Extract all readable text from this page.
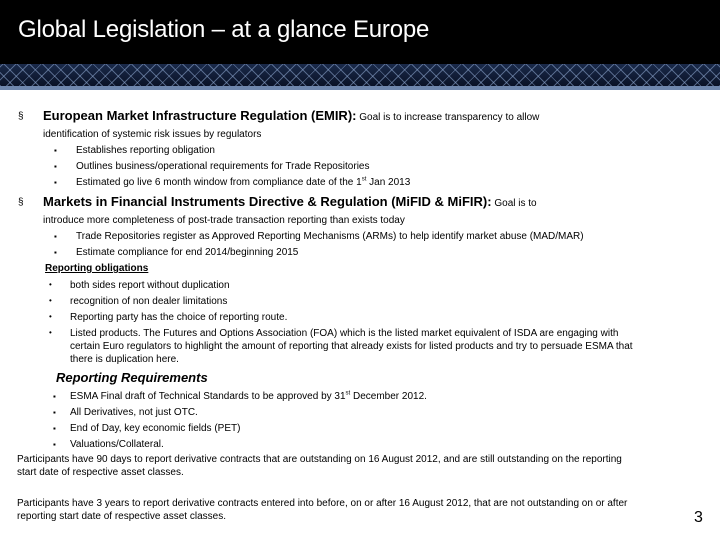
Global Legislation – at a glance Europe
§ European Market Infrastructure Regulation (EMIR): Goal is to increase transparency to allow
identification of systemic risk issues by regulators
▪ Establishes reporting obligation
▪ Outlines business/operational requirements for Trade Repositories
▪ Estimated go live 6 month window from compliance date of the 1st Jan 2013
§ Markets in Financial Instruments Directive & Regulation (MiFID & MiFIR): Goal is to
introduce more completeness of post-trade transaction reporting than exists today
▪ Trade Repositories register as Approved Reporting Mechanisms (ARMs) to help identify market abuse (MAD/MAR)
▪ Estimate compliance for end 2014/beginning 2015
Reporting obligations
• both sides report without duplication
• recognition of non dealer limitations
• Reporting party has the choice of reporting route.
• Listed products. The Futures and Options Association (FOA) which is the listed market equivalent of ISDA are engaging with
certain Euro regulators to highlight the amount of reporting that already exists for listed products and try to persuade ESMA that
there is duplication here.
Reporting Requirements
▪ ESMA Final draft of Technical Standards to be approved by 31st December 2012.
▪ All Derivatives, not just OTC.
▪ End of Day, key economic fields (PET)
▪ Valuations/Collateral.
Participants have 90 days to report derivative contracts that are outstanding on 16 August 2012, and are still outstanding on the reporting
start date of respective asset classes.
Participants have 3 years to report derivative contracts entered into before, on or after 16 August 2012, that are not outstanding on or after
reporting start date of respective asset classes.	3
